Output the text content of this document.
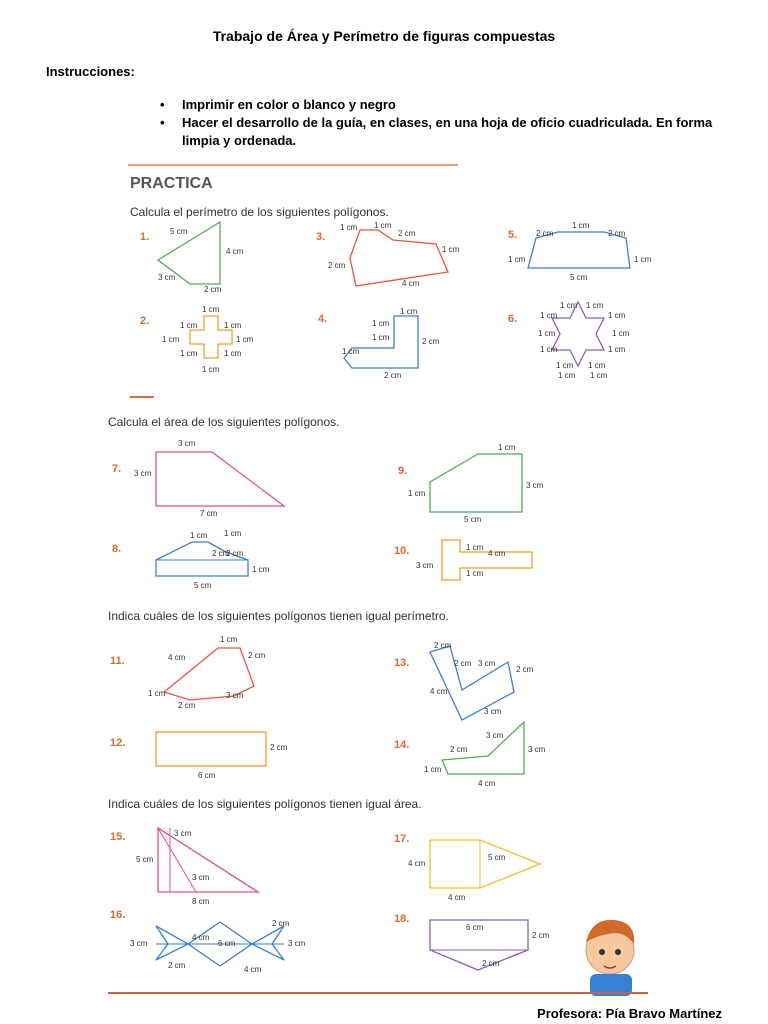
Trabajo de Área y Perímetro de figuras compuestas
Instrucciones:
• Imprimir en color o blanco y negro
• Hacer el desarrollo de la guía, en clases, en una hoja de oficio cuadriculada. En forma limpia y ordenada.
PRACTICA
Calcula el perímetro de los siguientes polígonos.
1.
2.
3.
4.
5.
6.
5 cm
4 cm
3 cm
2 cm
1 cm
1 cm	1 cm
1 cm	1 cm
1 cm	1 cm
1 cm
1 cm 1 cm
2 cm
1 cm
2 cm
4 cm
1 cm
1 cm
1 cm	2 cm
1 cm
2 cm
2 cm
1 cm
2 cm
1 cm	1 cm
5 cm
1 cm 1 cm
1 cm	1 cm
1 cm	1 cm
1 cm	1 cm
1 cm 1 cm
1 cm 1 cm
Calcula el área de los siguientes polígonos.
7.
8.
9.
10.
3 cm
3 cm
7 cm
1 cm 1 cm
2 cm
2 cm
1 cm
5 cm
1 cm
3 cm
1 cm
5 cm
1 cm
4 cm
3 cm
1 cm
Indica cuáles de los siguientes polígonos tienen igual perímetro.
11.
12.
13.
14.
1 cm
4 cm	2 cm
1 cm
2 cm
3 cm
2 cm
6 cm
2 cm
2 cm 3 cm
2 cm
4 cm
3 cm
2 cm
3 cm
3 cm
1 cm
4 cm
Indica cuáles de los siguientes polígonos tienen igual área.
15.
16.
17.
18.
3 cm
5 cm
3 cm
8 cm
4 cm
6 cm
3 cm	3 cm
2 cm
2 cm	4 cm
4 cm
5 cm
4 cm
6 cm
2 cm
2 cm
Profesora: Pía Bravo Martínez
